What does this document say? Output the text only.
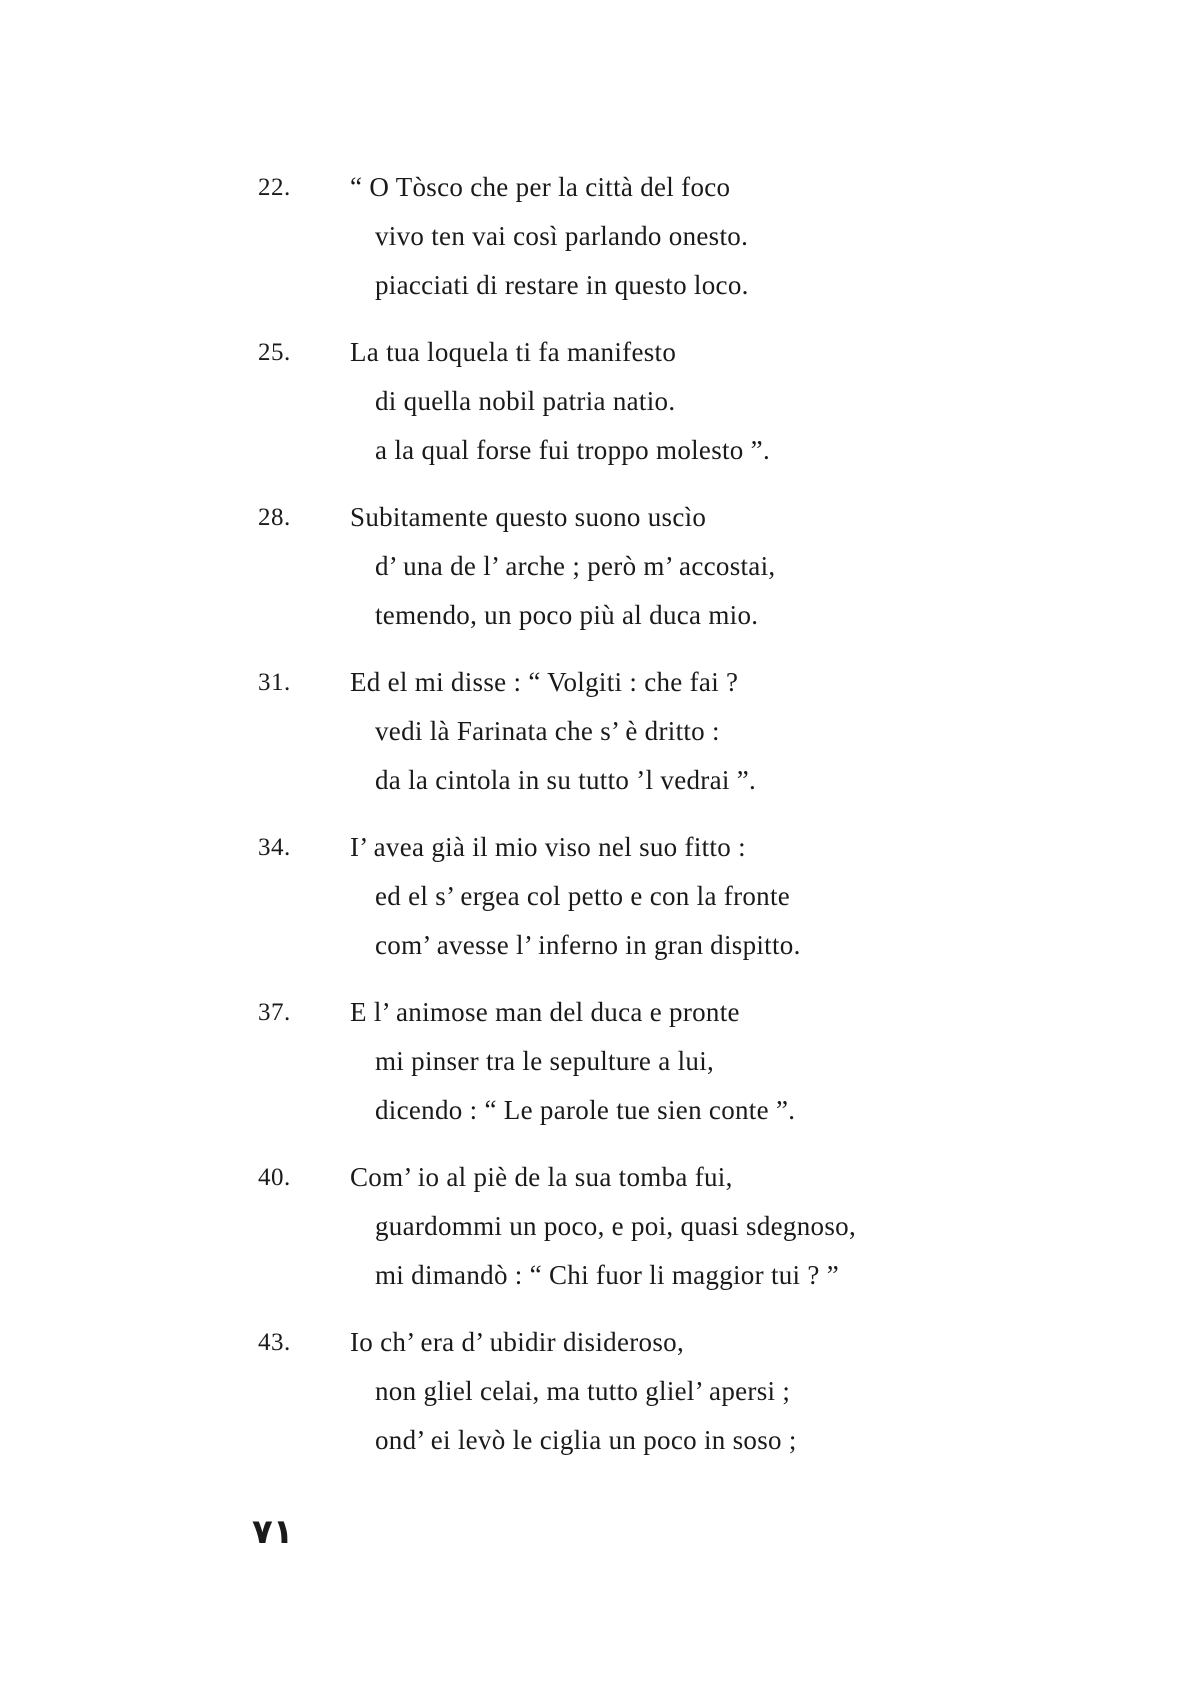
22. “ O Tòsco che per la città del foco
vivo ten vai così parlando onesto.
piacciati di restare in questo loco.
25. La tua loquela ti fa manifesto
di quella nobil patria natio.
a la qual forse fui troppo molesto ”.
28. Subitamente questo suono uscìo
d’ una de l’ arche ; però m’ accostai,
temendo, un poco più al duca mio.
31. Ed el mi disse : “ Volgiti : che fai ?
vedi là Farinata che s’ è dritto :
da la cintola in su tutto ’l vedrai ”.
34. I’ avea già il mio viso nel suo fitto :
ed el s’ ergea col petto e con la fronte
com’ avesse l’ inferno in gran dispitto.
37. E l’ animose man del duca e pronte
mi pinser tra le sepulture a lui,
dicendo : “ Le parole tue sien conte ”.
40. Com’ io al piè de la sua tomba fui,
guardommi un poco, e poi, quasi sdegnoso,
mi dimandò : “ Chi fuor li maggior tui ? ”
43. Io ch’ era d’ ubidir disideroso,
non gliel celai, ma tutto gliel’ apersi ;
ond’ ei levò le ciglia un poco in soso ;
٧١
